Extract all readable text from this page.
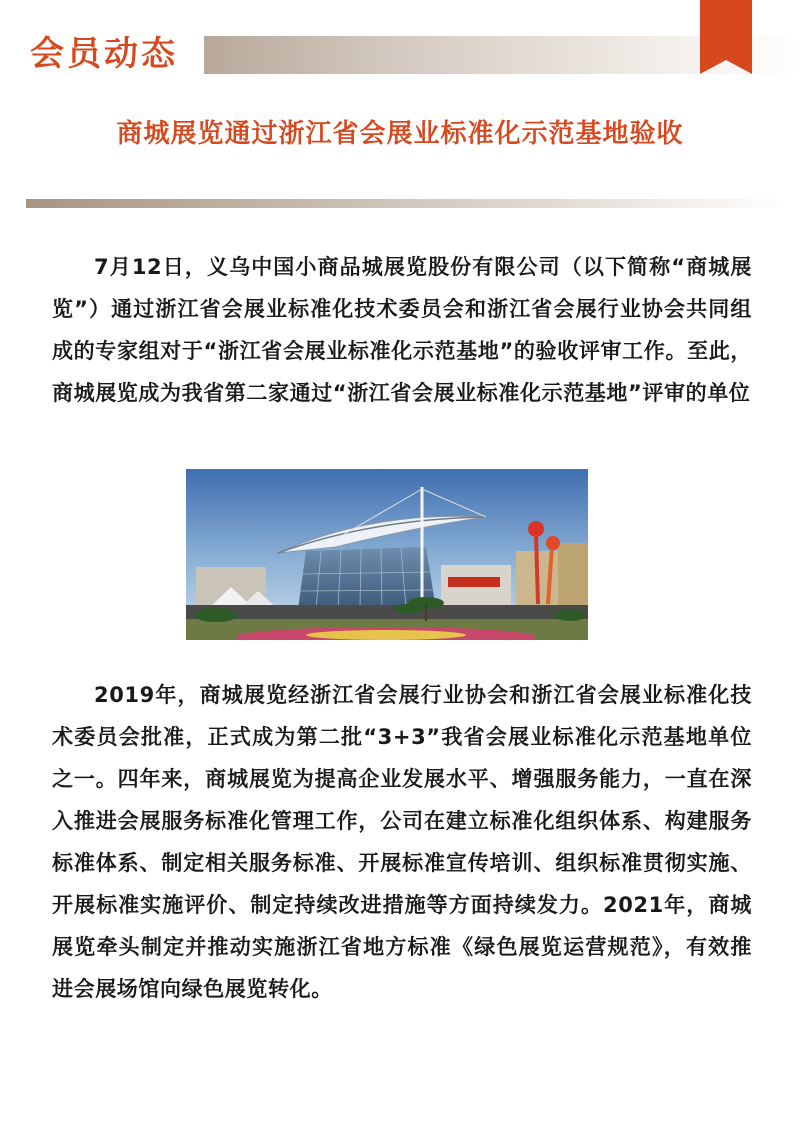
会员动态
商城展览通过浙江省会展业标准化示范基地验收

7月12日，义乌中国小商品城展览股份有限公司（以下简称“商城展览”）通过浙江省会展业标准化技术委员会和浙江省会展行业协会共同组成的专家组对于“浙江省会展业标准化示范基地”的验收评审工作。至此，商城展览成为我省第二家通过“浙江省会展业标准化示范基地”评审的单位

2019年，商城展览经浙江省会展行业协会和浙江省会展业标准化技术委员会批准，正式成为第二批“3+3”我省会展业标准化示范基地单位之一。四年来，商城展览为提高企业发展水平、增强服务能力，一直在深入推进会展服务标准化管理工作，公司在建立标准化组织体系、构建服务标准体系、制定相关服务标准、开展标准宣传培训、组织标准贯彻实施、开展标准实施评价、制定持续改进措施等方面持续发力。2021年，商城展览牵头制定并推动实施浙江省地方标准《绿色展览运营规范》，有效推进会展场馆向绿色展览转化。
